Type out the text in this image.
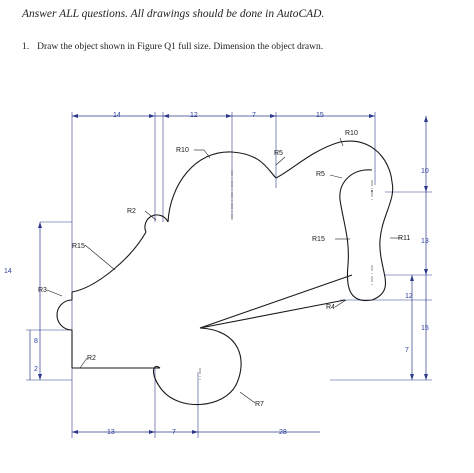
Answer ALL questions. All drawings should be done in AutoCAD.
1. Draw the object shown in Figure Q1 full size. Dimension the object drawn.
14	12	7	15
13	7	28
14
8
2
10
13
12
15
7
R10
R10
R5
R5
R2
R15
R15	R11
R3
R4
R2
R7
